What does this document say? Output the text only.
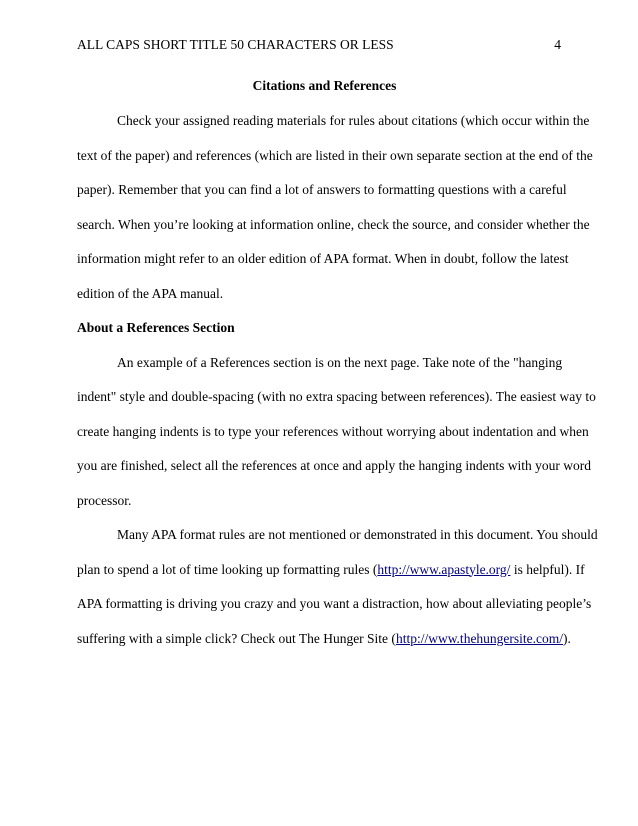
ALL CAPS SHORT TITLE 50 CHARACTERS OR LESS	4
Citations and References
Check your assigned reading materials for rules about citations (which occur within the
text of the paper) and references (which are listed in their own separate section at the end of the
paper). Remember that you can find a lot of answers to formatting questions with a careful
search. When you’re looking at information online, check the source, and consider whether the
information might refer to an older edition of APA format. When in doubt, follow the latest
edition of the APA manual.
About a References Section
An example of a References section is on the next page. Take note of the "hanging
indent" style and double-spacing (with no extra spacing between references). The easiest way to
create hanging indents is to type your references without worrying about indentation and when
you are finished, select all the references at once and apply the hanging indents with your word
processor.
Many APA format rules are not mentioned or demonstrated in this document. You should
plan to spend a lot of time looking up formatting rules (http://www.apastyle.org/ is helpful). If
APA formatting is driving you crazy and you want a distraction, how about alleviating people’s
suffering with a simple click? Check out The Hunger Site (http://www.thehungersite.com/).
